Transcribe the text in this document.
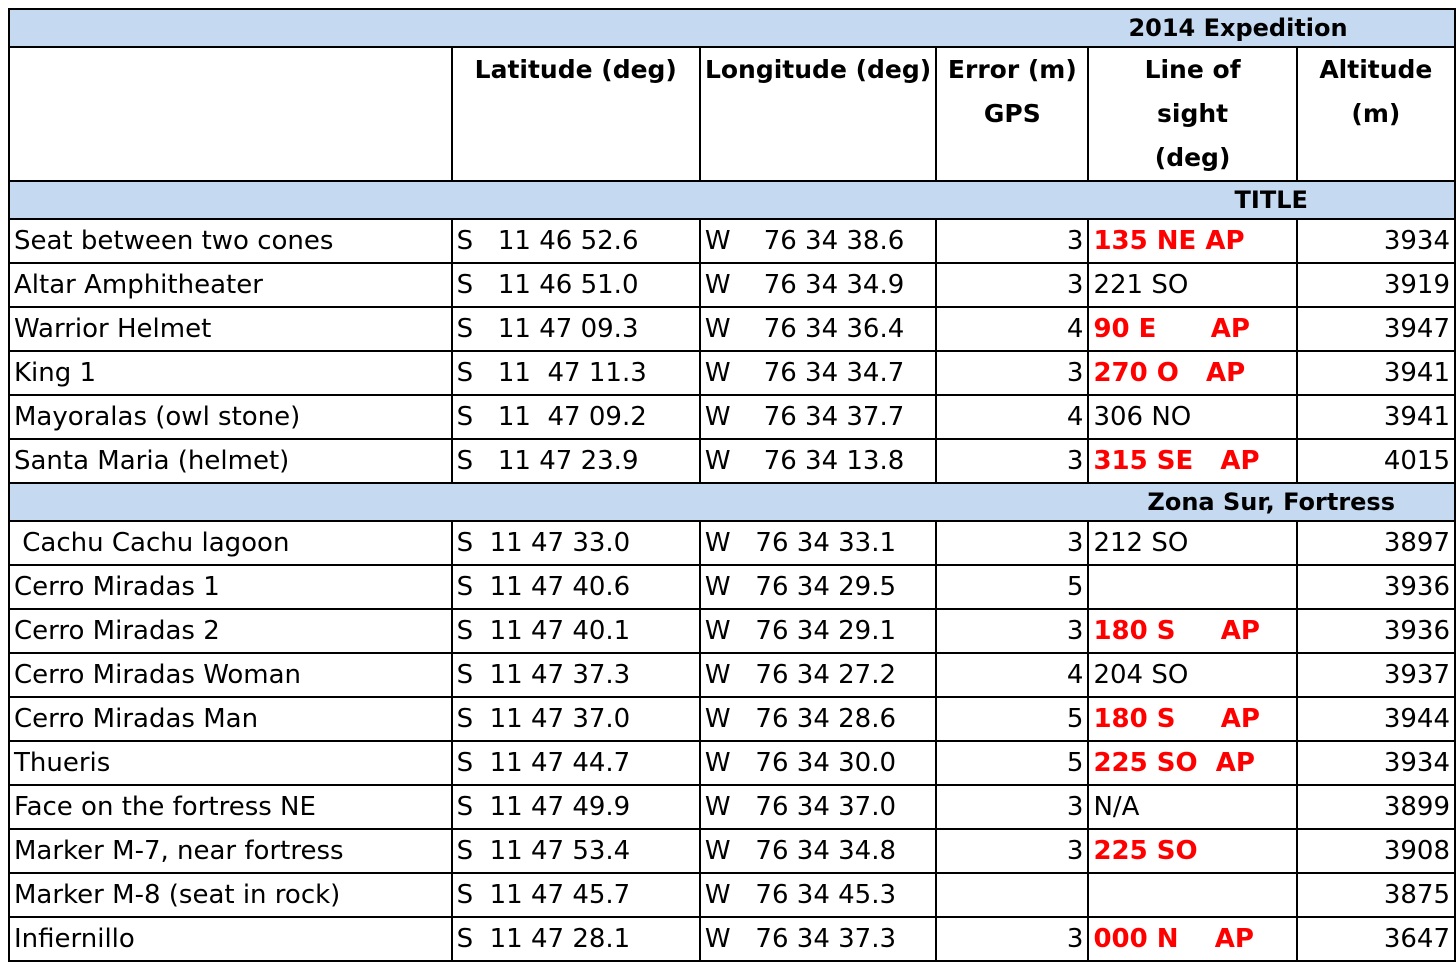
				2014 Expedition	
	Latitude (deg)	Longitude (deg)	Error (m) GPS	Line of sight (deg)	Altitude (m)
				TITLE	
Seat between two cones	S   11 46 52.6	W    76 34 38.6	3	135 NE AP	3934
Altar Amphitheater	S   11 46 51.0	W    76 34 34.9	3	221 SO	3919
Warrior Helmet	S   11 47 09.3	W    76 34 36.4	4	90 E      AP	3947
King 1	S   11  47 11.3	W    76 34 34.7	3	270 O   AP	3941
Mayoralas (owl stone)	S   11  47 09.2	W    76 34 37.7	4	306 NO	3941
Santa Maria (helmet)	S   11 47 23.9	W    76 34 13.8	3	315 SE   AP	4015
				Zona Sur, Fortress	
Cachu Cachu lagoon	S  11 47 33.0	W   76 34 33.1	3	212 SO	3897
Cerro Miradas 1	S  11 47 40.6	W   76 34 29.5	5		3936
Cerro Miradas 2	S  11 47 40.1	W   76 34 29.1	3	180 S     AP	3936
Cerro Miradas Woman	S  11 47 37.3	W   76 34 27.2	4	204 SO	3937
Cerro Miradas Man	S  11 47 37.0	W   76 34 28.6	5	180 S     AP	3944
Thueris	S  11 47 44.7	W   76 34 30.0	5	225 SO  AP	3934
Face on the fortress NE	S  11 47 49.9	W   76 34 37.0	3	N/A	3899
Marker M-7, near fortress	S  11 47 53.4	W   76 34 34.8	3	225 SO	3908
Marker M-8 (seat in rock)	S  11 47 45.7	W   76 34 45.3			3875
Infiernillo	S  11 47 28.1	W   76 34 37.3	3	000 N    AP	3647
